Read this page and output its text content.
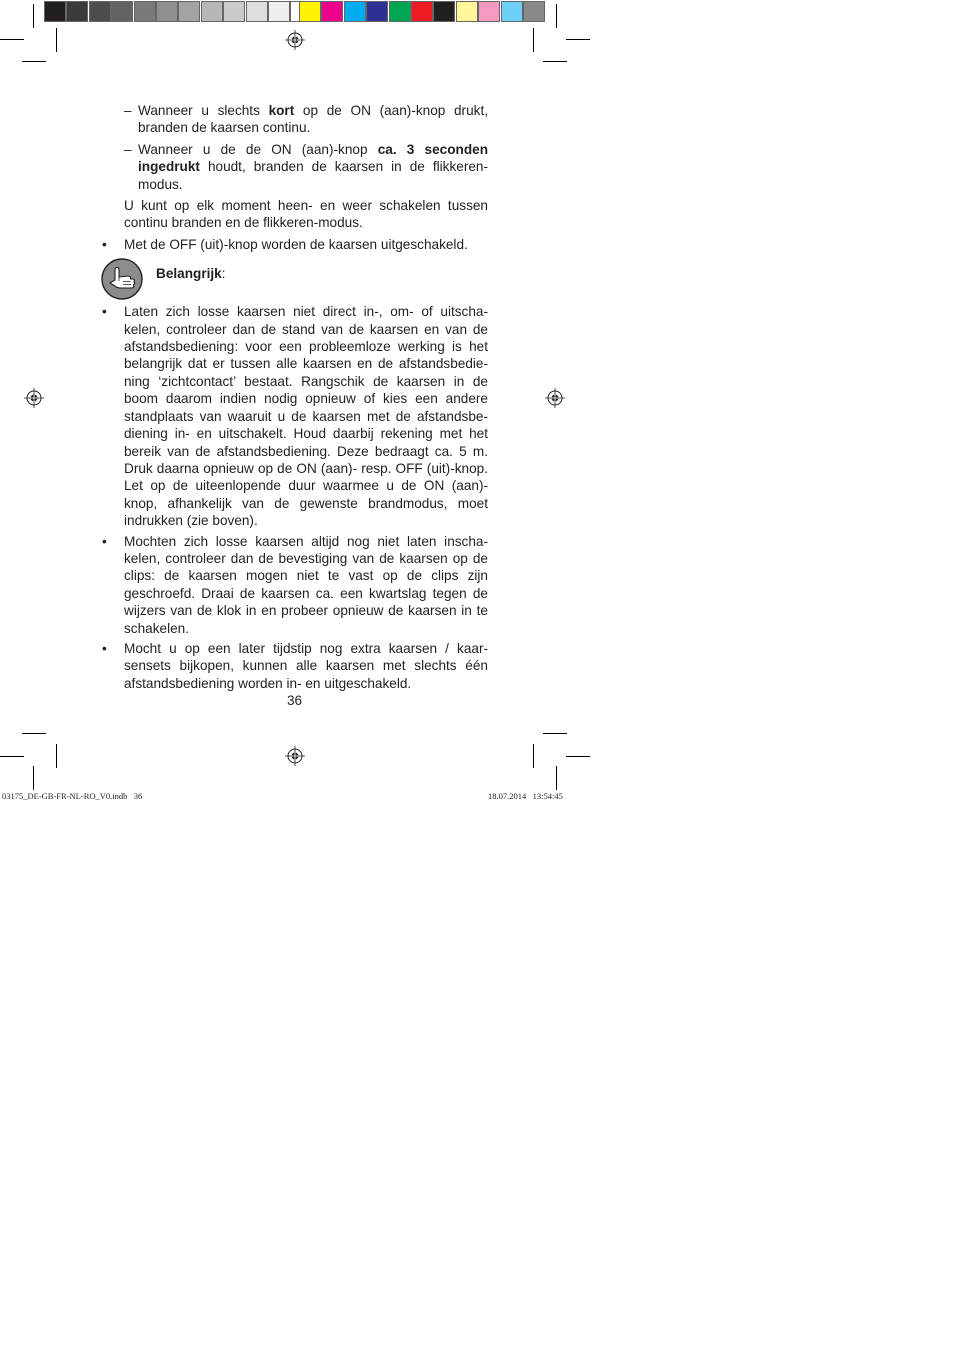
– Wanneer u slechts kort op de ON (aan)-knop drukt, branden de kaarsen continu.
– Wanneer u de de ON (aan)-knop ca. 3 seconden ingedrukt houdt, branden de kaarsen in de flikkeren-modus.
U kunt op elk moment heen- en weer schakelen tussen continu branden en de flikkeren-modus.
• Met de OFF (uit)-knop worden de kaarsen uitgeschakeld.
Belangrijk:
• Laten zich losse kaarsen niet direct in-, om- of uitscha-kelen, controleer dan de stand van de kaarsen en van de afstandsbediening: voor een probleemloze werking is het belangrijk dat er tussen alle kaarsen en de afstandsbedie-ning ‘zichtcontact’ bestaat. Rangschik de kaarsen in de boom daarom indien nodig opnieuw of kies een andere standplaats van waaruit u de kaarsen met de afstandsbe-diening in- en uitschakelt. Houd daarbij rekening met het bereik van de afstandsbediening. Deze bedraagt ca. 5 m. Druk daarna opnieuw op de ON (aan)- resp. OFF (uit)-knop. Let op de uiteenlopende duur waarmee u de ON (aan)-knop, afhankelijk van de gewenste brandmodus, moet indrukken (zie boven).
• Mochten zich losse kaarsen altijd nog niet laten inscha-kelen, controleer dan de bevestiging van de kaarsen op de clips: de kaarsen mogen niet te vast op de clips zijn geschroefd. Draai de kaarsen ca. een kwartslag tegen de wijzers van de klok in en probeer opnieuw de kaarsen in te schakelen.
• Mocht u op een later tijdstip nog extra kaarsen / kaar-sensets bijkopen, kunnen alle kaarsen met slechts één afstandsbediening worden in- en uitgeschakeld.
36
03175_DE-GB-FR-NL-RO_V0.indb   36	18.07.2014   13:54:45
